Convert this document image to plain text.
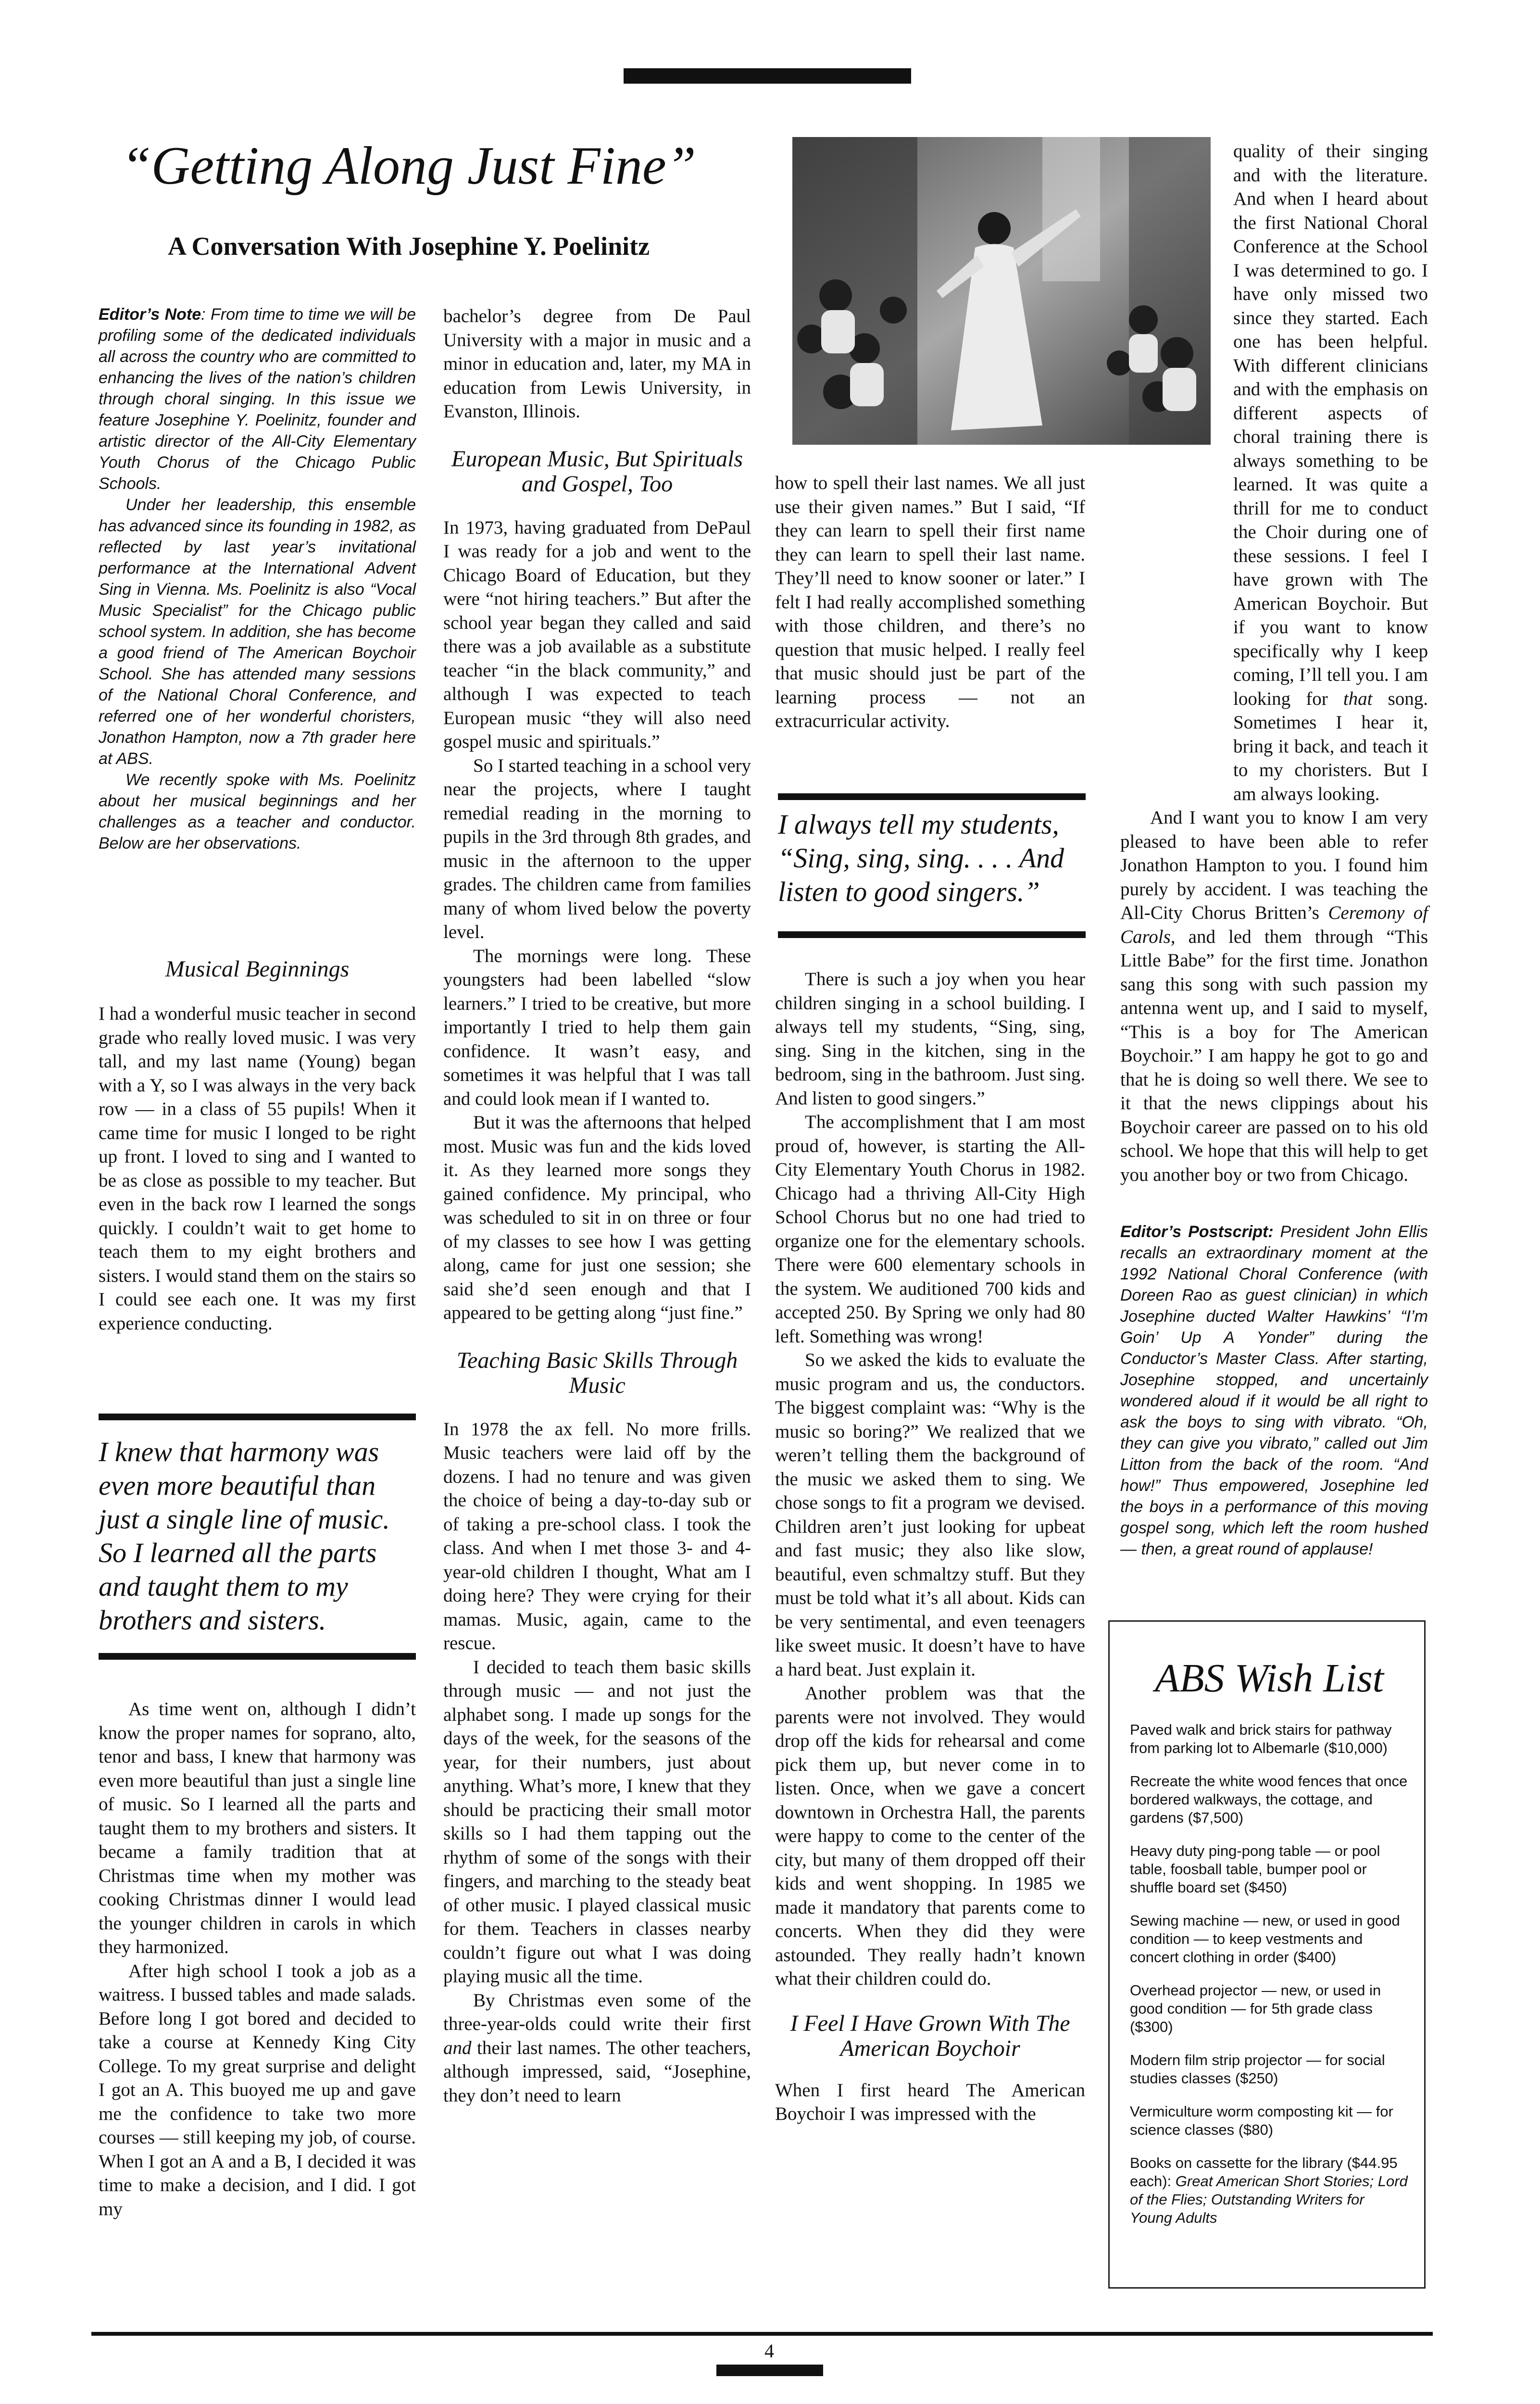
“Getting Along Just Fine”
A Conversation With Josephine Y. Poelinitz

Editor’s Note: From time to time we will be profiling some of the dedicated individuals all across the country who are committed to enhancing the lives of the nation’s children through choral singing. In this issue we feature Josephine Y. Poelinitz, founder and artistic director of the All-City Elementary Youth Chorus of the Chicago Public Schools.

Under her leadership, this ensemble has advanced since its founding in 1982, as reflected by last year’s invitational performance at the International Advent Sing in Vienna. Ms. Poelinitz is also “Vocal Music Specialist” for the Chicago public school system. In addition, she has become a good friend of The American Boychoir School. She has attended many sessions of the National Choral Conference, and referred one of her wonderful choristers, Jonathon Hampton, now a 7th grader here at ABS.

We recently spoke with Ms. Poelinitz about her musical beginnings and her challenges as a teacher and conductor. Below are her observations.

Musical Beginnings

I had a wonderful music teacher in second grade who really loved music. I was very tall, and my last name (Young) began with a Y, so I was always in the very back row — in a class of 55 pupils! When it came time for music I longed to be right up front. I loved to sing and I wanted to be as close as possible to my teacher. But even in the back row I learned the songs quickly. I couldn’t wait to get home to teach them to my eight brothers and sisters. I would stand them on the stairs so I could see each one. It was my first experience conducting.

I knew that harmony was even more beautiful than just a single line of music. So I learned all the parts and taught them to my brothers and sisters.

As time went on, although I didn’t know the proper names for soprano, alto, tenor and bass, I knew that harmony was even more beautiful than just a single line of music. So I learned all the parts and taught them to my brothers and sisters. It became a family tradition that at Christmas time when my mother was cooking Christmas dinner I would lead the younger children in carols in which they harmonized.

After high school I took a job as a waitress. I bussed tables and made salads. Before long I got bored and decided to take a course at Kennedy King City College. To my great surprise and delight I got an A. This buoyed me up and gave me the confidence to take two more courses — still keeping my job, of course. When I got an A and a B, I decided it was time to make a decision, and I did. I got my

bachelor’s degree from De Paul University with a major in music and a minor in education and, later, my MA in education from Lewis University, in Evanston, Illinois.

European Music, But Spirituals and Gospel, Too

In 1973, having graduated from DePaul I was ready for a job and went to the Chicago Board of Education, but they were “not hiring teachers.” But after the school year began they called and said there was a job available as a substitute teacher “in the black community,” and although I was expected to teach European music “they will also need gospel music and spirituals.”

So I started teaching in a school very near the projects, where I taught remedial reading in the morning to pupils in the 3rd through 8th grades, and music in the afternoon to the upper grades. The children came from families many of whom lived below the poverty level.

The mornings were long. These youngsters had been labelled “slow learners.” I tried to be creative, but more importantly I tried to help them gain confidence. It wasn’t easy, and sometimes it was helpful that I was tall and could look mean if I wanted to.

But it was the afternoons that helped most. Music was fun and the kids loved it. As they learned more songs they gained confidence. My principal, who was scheduled to sit in on three or four of my classes to see how I was getting along, came for just one session; she said she’d seen enough and that I appeared to be getting along “just fine.”

Teaching Basic Skills Through Music

In 1978 the ax fell. No more frills. Music teachers were laid off by the dozens. I had no tenure and was given the choice of being a day-to-day sub or of taking a pre-school class. I took the class. And when I met those 3- and 4-year-old children I thought, What am I doing here? They were crying for their mamas. Music, again, came to the rescue.

I decided to teach them basic skills through music — and not just the alphabet song. I made up songs for the days of the week, for the seasons of the year, for their numbers, just about anything. What’s more, I knew that they should be practicing their small motor skills so I had them tapping out the rhythm of some of the songs with their fingers, and marching to the steady beat of other music. I played classical music for them. Teachers in classes nearby couldn’t figure out what I was doing playing music all the time.

By Christmas even some of the three-year-olds could write their first and their last names. The other teachers, although impressed, said, “Josephine, they don’t need to learn

how to spell their last names. We all just use their given names.” But I said, “If they can learn to spell their first name they can learn to spell their last name. They’ll need to know sooner or later.” I felt I had really accomplished something with those children, and there’s no question that music helped. I really feel that music should just be part of the learning process — not an extracurricular activity.

I always tell my students, “Sing, sing, sing. . . . And listen to good singers.”

There is such a joy when you hear children singing in a school building. I always tell my students, “Sing, sing, sing. Sing in the kitchen, sing in the bedroom, sing in the bathroom. Just sing. And listen to good singers.”

The accomplishment that I am most proud of, however, is starting the All-City Elementary Youth Chorus in 1982. Chicago had a thriving All-City High School Chorus but no one had tried to organize one for the elementary schools. There were 600 elementary schools in the system. We auditioned 700 kids and accepted 250. By Spring we only had 80 left. Something was wrong!

So we asked the kids to evaluate the music program and us, the conductors. The biggest complaint was: “Why is the music so boring?” We realized that we weren’t telling them the background of the music we asked them to sing. We chose songs to fit a program we devised. Children aren’t just looking for upbeat and fast music; they also like slow, beautiful, even schmaltzy stuff. But they must be told what it’s all about. Kids can be very sentimental, and even teenagers like sweet music. It doesn’t have to have a hard beat. Just explain it.

Another problem was that the parents were not involved. They would drop off the kids for rehearsal and come pick them up, but never come in to listen. Once, when we gave a concert downtown in Orchestra Hall, the parents were happy to come to the center of the city, but many of them dropped off their kids and went shopping. In 1985 we made it mandatory that parents come to concerts. When they did they were astounded. They really hadn’t known what their children could do.

I Feel I Have Grown With The American Boychoir

When I first heard The American Boychoir I was impressed with the

quality of their singing and with the literature. And when I heard about the first National Choral Conference at the School I was determined to go. I have only missed two since they started. Each one has been helpful. With different clinicians and with the emphasis on different aspects of choral training there is always something to be learned. It was quite a thrill for me to conduct the Choir during one of these sessions. I feel I have grown with The American Boychoir. But if you want to know specifically why I keep coming, I’ll tell you. I am looking for that song. Sometimes I hear it, bring it back, and teach it to my choristers. But I am always looking.

And I want you to know I am very pleased to have been able to refer Jonathon Hampton to you. I found him purely by accident. I was teaching the All-City Chorus Britten’s Ceremony of Carols, and led them through “This Little Babe” for the first time. Jonathon sang this song with such passion my antenna went up, and I said to myself, “This is a boy for The American Boychoir.” I am happy he got to go and that he is doing so well there. We see to it that the news clippings about his Boychoir career are passed on to his old school. We hope that this will help to get you another boy or two from Chicago.

Editor’s Postscript: President John Ellis recalls an extraordinary moment at the 1992 National Choral Conference (with Doreen Rao as guest clinician) in which Josephine ducted Walter Hawkins’ “I’m Goin’ Up A Yonder” during the Conductor’s Master Class. After starting, Josephine stopped, and uncertainly wondered aloud if it would be all right to ask the boys to sing with vibrato. “Oh, they can give you vibrato,” called out Jim Litton from the back of the room. “And how!” Thus empowered, Josephine led the boys in a performance of this moving gospel song, which left the room hushed — then, a great round of applause!

ABS Wish List

Paved walk and brick stairs for pathway from parking lot to Albemarle ($10,000)

Recreate the white wood fences that once bordered walkways, the cottage, and gardens ($7,500)

Heavy duty ping-pong table — or pool table, foosball table, bumper pool or shuffle board set ($450)

Sewing machine — new, or used in good condition — to keep vestments and concert clothing in order ($400)

Overhead projector — new, or used in good condition — for 5th grade class ($300)

Modern film strip projector — for social studies classes ($250)

Vermiculture worm composting kit — for science classes ($80)

Books on cassette for the library ($44.95 each): Great American Short Stories; Lord of the Flies; Outstanding Writers for Young Adults

4
